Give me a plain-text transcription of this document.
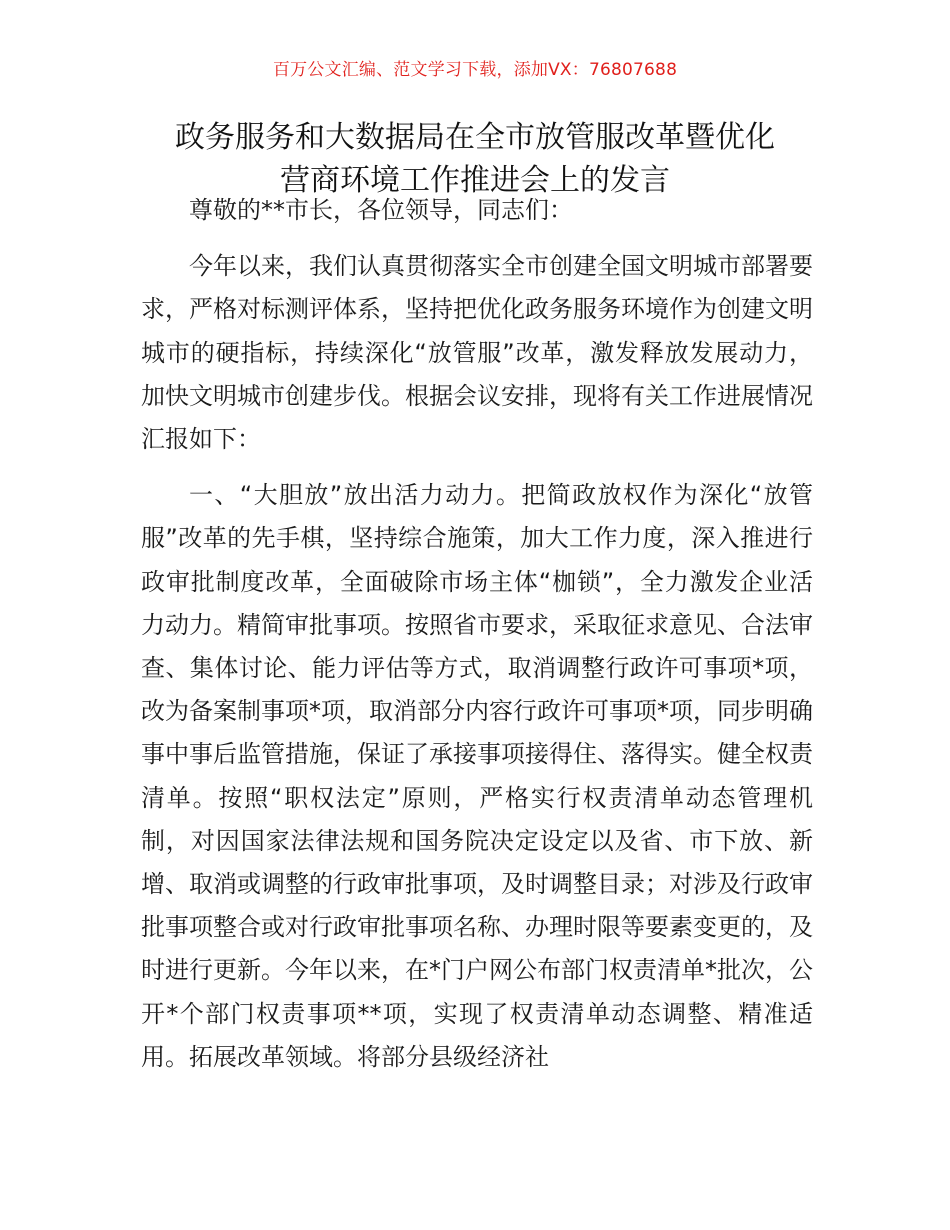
百万公文汇编、范文学习下载，添加VX：76807688
政务服务和大数据局在全市放管服改革暨优化
营商环境工作推进会上的发言

尊敬的**市长，各位领导，同志们：

今年以来，我们认真贯彻落实全市创建全国文明城市部署要求，严格对标测评体系，坚持把优化政务服务环境作为创建文明城市的硬指标，持续深化“放管服”改革，激发释放发展动力，加快文明城市创建步伐。根据会议安排，现将有关工作进展情况汇报如下：

一、“大胆放”放出活力动力。把简政放权作为深化“放管服”改革的先手棋，坚持综合施策，加大工作力度，深入推进行政审批制度改革，全面破除市场主体“枷锁”，全力激发企业活力动力。精简审批事项。按照省市要求，采取征求意见、合法审查、集体讨论、能力评估等方式，取消调整行政许可事项*项，改为备案制事项*项，取消部分内容行政许可事项*项，同步明确事中事后监管措施，保证了承接事项接得住、落得实。健全权责清单。按照“职权法定”原则，严格实行权责清单动态管理机制，对因国家法律法规和国务院决定设定以及省、市下放、新增、取消或调整的行政审批事项，及时调整目录；对涉及行政审批事项整合或对行政审批事项名称、办理时限等要素变更的，及时进行更新。今年以来，在*门户网公布部门权责清单*批次，公开*个部门权责事项**项，实现了权责清单动态调整、精准适用。拓展改革领域。将部分县级经济社
